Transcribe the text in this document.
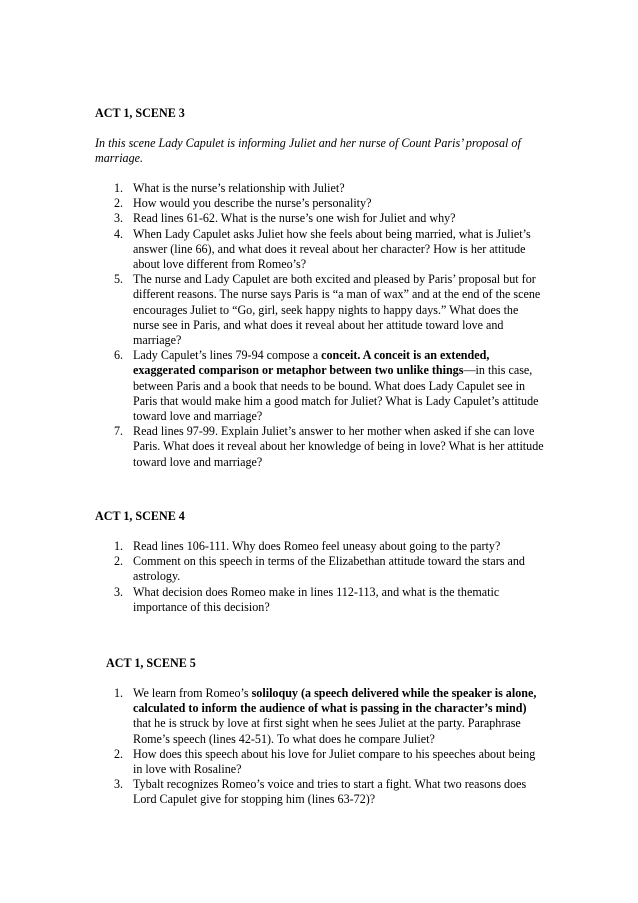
ACT 1, SCENE 3
In this scene Lady Capulet is informing Juliet and her nurse of Count Paris’ proposal of marriage.
1. What is the nurse’s relationship with Juliet?
2. How would you describe the nurse’s personality?
3. Read lines 61-62. What is the nurse’s one wish for Juliet and why?
4. When Lady Capulet asks Juliet how she feels about being married, what is Juliet’s answer (line 66), and what does it reveal about her character? How is her attitude about love different from Romeo’s?
5. The nurse and Lady Capulet are both excited and pleased by Paris’ proposal but for different reasons. The nurse says Paris is “a man of wax” and at the end of the scene encourages Juliet to “Go, girl, seek happy nights to happy days.” What does the nurse see in Paris, and what does it reveal about her attitude toward love and marriage?
6. Lady Capulet’s lines 79-94 compose a conceit. A conceit is an extended, exaggerated comparison or metaphor between two unlike things—in this case, between Paris and a book that needs to be bound. What does Lady Capulet see in Paris that would make him a good match for Juliet? What is Lady Capulet’s attitude toward love and marriage?
7. Read lines 97-99. Explain Juliet’s answer to her mother when asked if she can love Paris. What does it reveal about her knowledge of being in love? What is her attitude toward love and marriage?
ACT 1, SCENE 4
1. Read lines 106-111. Why does Romeo feel uneasy about going to the party?
2. Comment on this speech in terms of the Elizabethan attitude toward the stars and astrology.
3. What decision does Romeo make in lines 112-113, and what is the thematic importance of this decision?
ACT 1, SCENE 5
1. We learn from Romeo’s soliloquy (a speech delivered while the speaker is alone, calculated to inform the audience of what is passing in the character’s mind) that he is struck by love at first sight when he sees Juliet at the party. Paraphrase Rome’s speech (lines 42-51). To what does he compare Juliet?
2. How does this speech about his love for Juliet compare to his speeches about being in love with Rosaline?
3. Tybalt recognizes Romeo’s voice and tries to start a fight. What two reasons does Lord Capulet give for stopping him (lines 63-72)?
